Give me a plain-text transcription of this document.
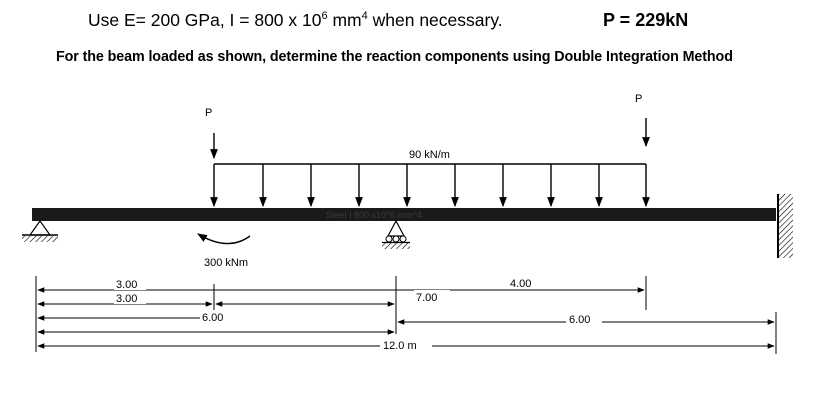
Use E= 200 GPa, I = 800 x $10^6$ $mm^4$ when necessary.	P = 229kN
For the beam loaded as shown, determine the reaction components using Double Integration Method
Steel I 800 x10^6 mm^4
P
P
90 kN/m
300 kNm
3.00
3.00
6.00
7.00
4.00
6.00
12.0 m
